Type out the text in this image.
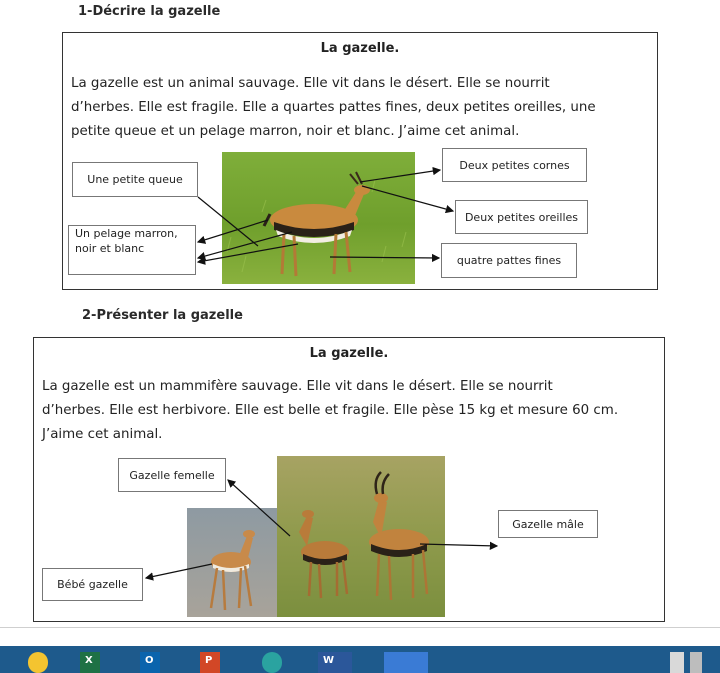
1-Décrire la gazelle
La gazelle.
La gazelle est un animal sauvage. Elle vit dans le désert. Elle se nourrit
d’herbes. Elle est fragile. Elle a quartes pattes fines, deux petites oreilles, une
petite queue et un pelage marron, noir et blanc. J’aime cet animal.
Une petite queue
Un pelage marron,
noir et blanc
Deux petites cornes
Deux petites oreilles
quatre pattes fines
2-Présenter la gazelle
La gazelle.
La gazelle est un mammifère sauvage. Elle vit dans le désert. Elle se nourrit
d’herbes. Elle est herbivore. Elle est belle et fragile. Elle pèse 15 kg et mesure 60 cm.
J’aime cet animal.
Gazelle femelle
Gazelle mâle
Bébé gazelle
X	O	P	W
